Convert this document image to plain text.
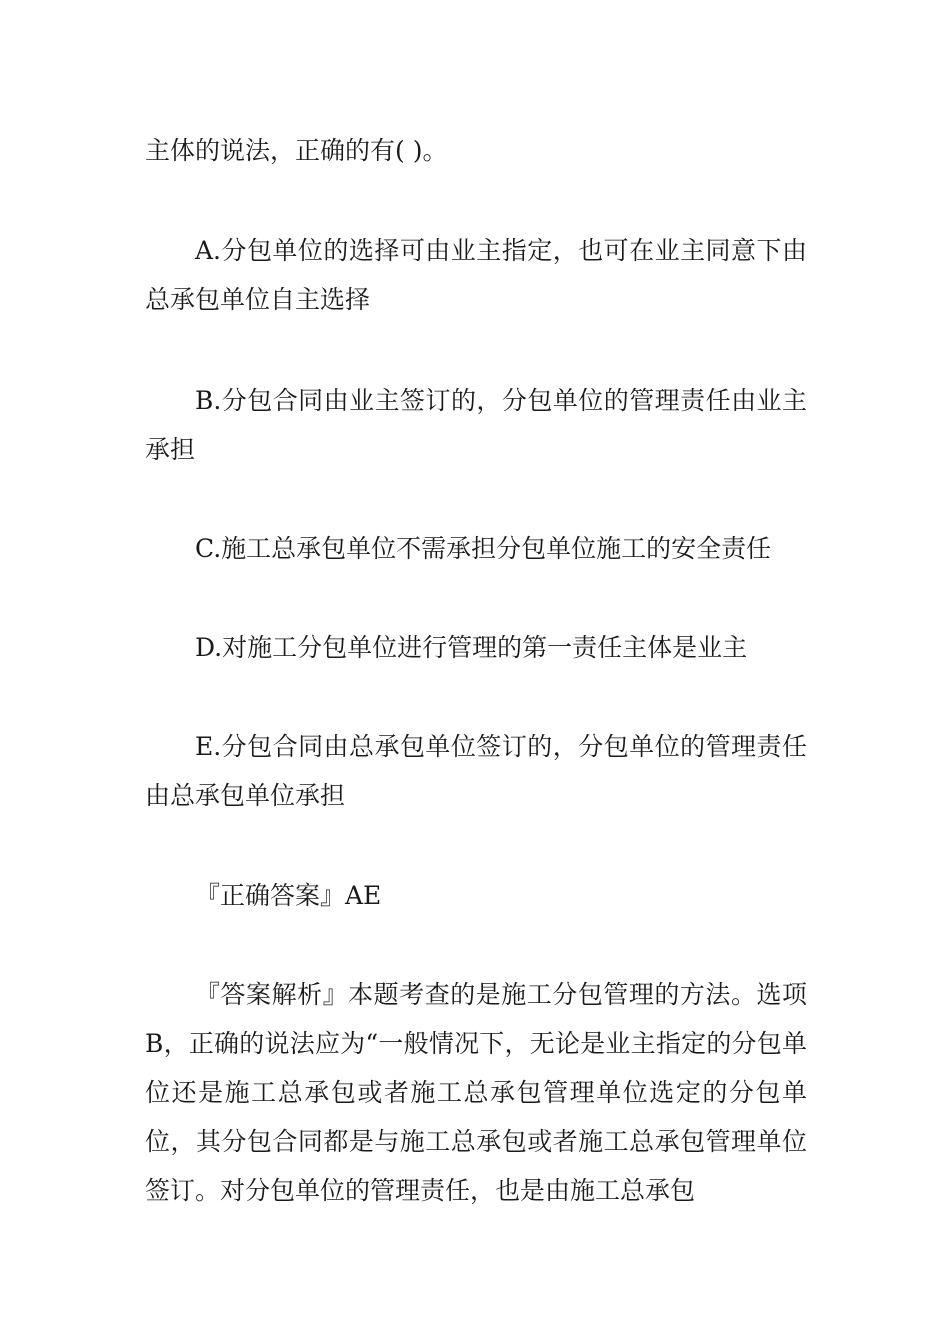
主体的说法，正确的有( )。

A.分包单位的选择可由业主指定，也可在业主同意下由总承包单位自主选择

B.分包合同由业主签订的，分包单位的管理责任由业主承担

C.施工总承包单位不需承担分包单位施工的安全责任

D.对施工分包单位进行管理的第一责任主体是业主

E.分包合同由总承包单位签订的，分包单位的管理责任由总承包单位承担

『正确答案』AE

『答案解析』本题考查的是施工分包管理的方法。选项B，正确的说法应为“一般情况下，无论是业主指定的分包单位还是施工总承包或者施工总承包管理单位选定的分包单位，其分包合同都是与施工总承包或者施工总承包管理单位签订。对分包单位的管理责任，也是由施工总承包
